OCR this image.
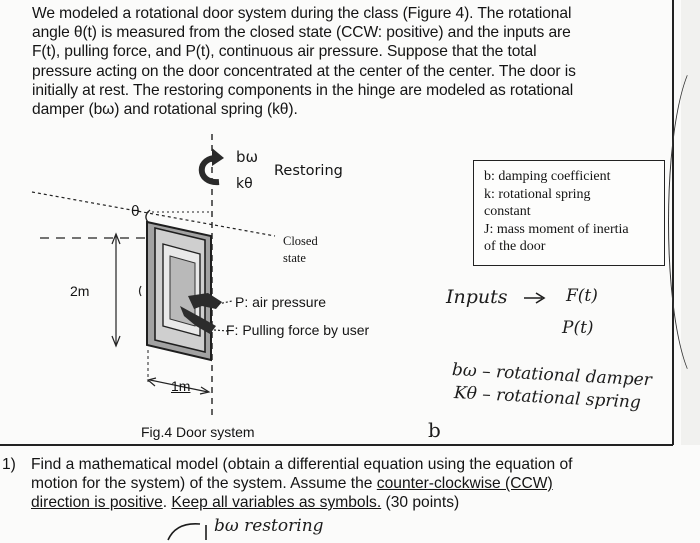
We modeled a rotational door system during the class (Figure 4). The rotational
angle θ(t) is measured from the closed state (CCW: positive) and the inputs are
F(t), pulling force, and P(t), continuous air pressure. Suppose that the total
pressure acting on the door concentrated at the center of the center. The door is
initially at rest. The restoring components in the hinge are modeled as rotational
damper (bω) and rotational spring (kθ).
bω
kθ
Restoring
θ
Closed
state
2m
1m
P: air pressure
F: Pulling force by user
Fig.4 Door system
b: damping coefficient
k: rotational spring
constant
J: mass moment of inertia
of the door
Inputs	F(t)
P(t)
bω – rotational damper
Kθ – rotational spring
b
1) Find a mathematical model (obtain a differential equation using the equation of
motion for the system) of the system. Assume the counter-clockwise (CCW)
direction is positive. Keep all variables as symbols. (30 points)
bω restoring
